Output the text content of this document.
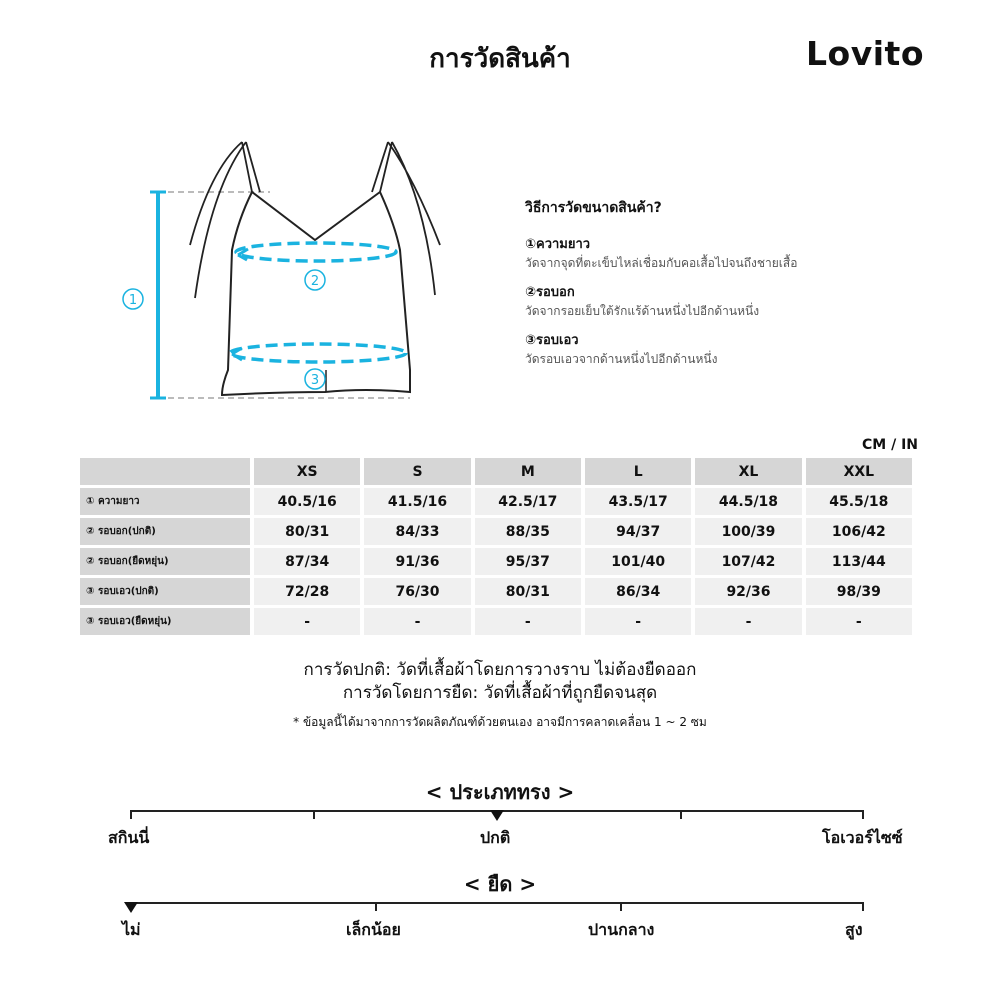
การวัดสินค้า	Lovito
1
2
3
วิธีการวัดขนาดสินค้า?
①ความยาว
วัดจากจุดที่ตะเข็บไหล่เชื่อมกับคอเสื้อไปจนถึงชายเสื้อ
②รอบอก
วัดจากรอยเย็บใต้รักแร้ด้านหนึ่งไปอีกด้านหนึ่ง
③รอบเอว
วัดรอบเอวจากด้านหนึ่งไปอีกด้านหนึ่ง
CM / IN
	XS	S	M	L	XL	XXL
① ความยาว	40.5/16	41.5/16	42.5/17	43.5/17	44.5/18	45.5/18
② รอบอก(ปกติ)	80/31	84/33	88/35	94/37	100/39	106/42
② รอบอก(ยืดหยุ่น)	87/34	91/36	95/37	101/40	107/42	113/44
③ รอบเอว(ปกติ)	72/28	76/30	80/31	86/34	92/36	98/39
③ รอบเอว(ยืดหยุ่น)	-	-	-	-	-	-
การวัดปกติ: วัดที่เสื้อผ้าโดยการวางราบ ไม่ต้องยืดออก
การวัดโดยการยืด: วัดที่เสื้อผ้าที่ถูกยืดจนสุด
* ข้อมูลนี้ได้มาจากการวัดผลิตภัณฑ์ด้วยตนเอง อาจมีการคลาดเคลื่อน 1 ~ 2 ซม
< ประเภททรง >
สกินนี่	ปกติ	โอเวอร์ไซซ์
< ยืด >
ไม่	เล็กน้อย	ปานกลาง	สูง
